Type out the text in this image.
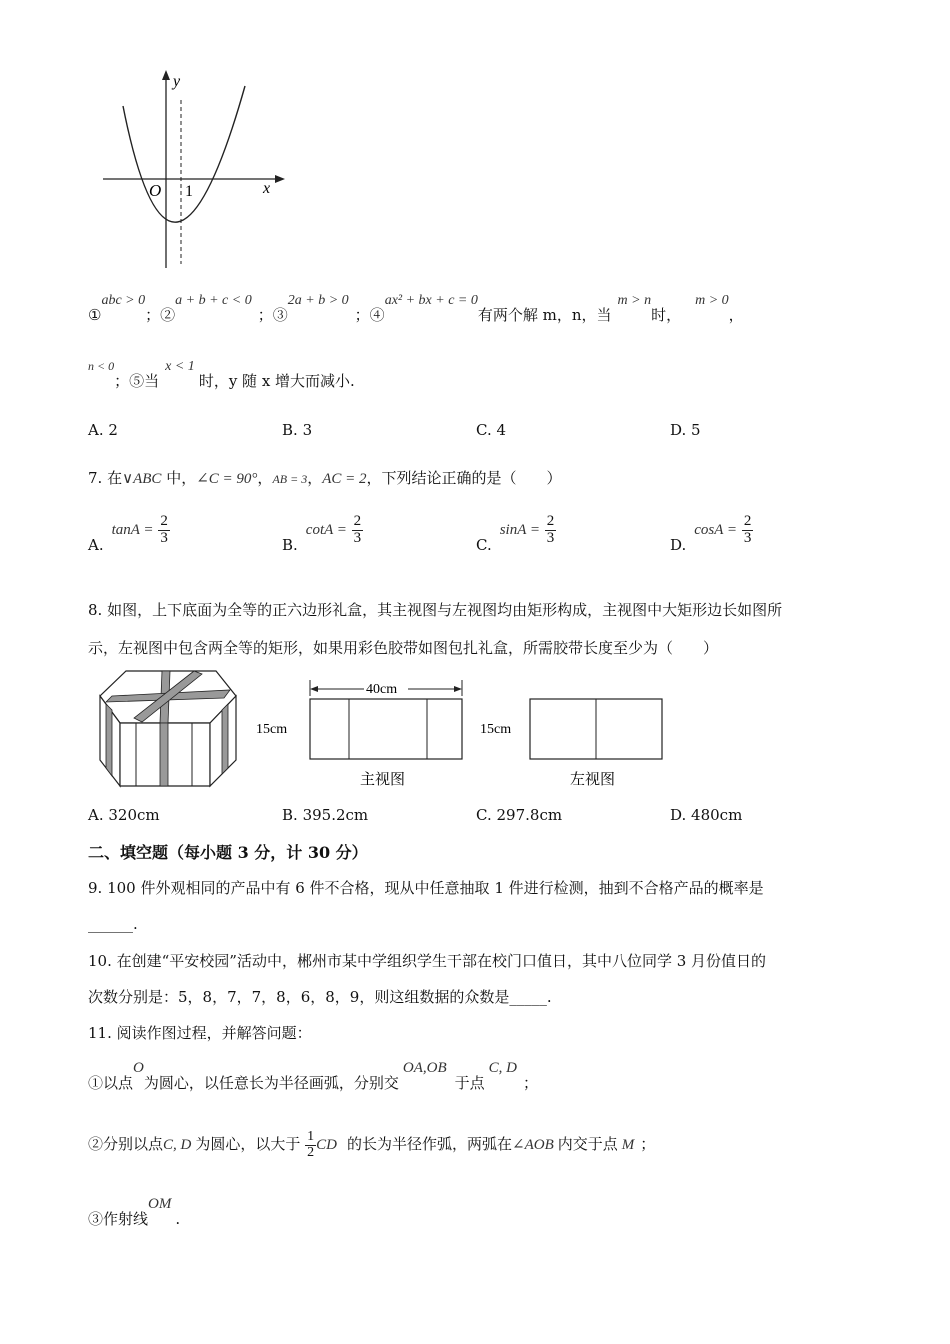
y
x
O 1
①abc > 0；②a + b + c < 0；③2a + b > 0；④ax² + bx + c = 0有两个解 m，n，当m > n时，m > 0，
$^{n < 0}$；⑤当x < 1时，y 随 x 增大而减小.
A. 2	B. 3	C. 4	D. 5
7. 在∨ABC 中，∠C = 90°，AB = 3，AC = 2，下列结论正确的是（　　）
$A.\tan A = \frac{2}{3}$	$B.\cot A = \frac{2}{3}$	$C.\sin A = \frac{2}{3}$	$D.\cos A = \frac{2}{3}$
8. 如图，上下底面为全等的正六边形礼盒，其主视图与左视图均由矩形构成，主视图中大矩形边长如图所
示，左视图中包含两全等的矩形，如果用彩色胶带如图包扎礼盒，所需胶带长度至少为（　　）
40cm
15cm
主视图
15cm
左视图
A. 320cm	B. 395.2cm	C. 297.8cm	D. 480cm
二、填空题（每小题 3 分，计 30 分）
9. 100 件外观相同的产品中有 6 件不合格，现从中任意抽取 1 件进行检测，抽到不合格产品的概率是
______.
10. 在创建“平安校园”活动中，郴州市某中学组织学生干部在校门口值日，其中八位同学 3 月份值日的
次数分别是：5，8，7，7，8，6，8，9，则这组数据的众数是_____.
11. 阅读作图过程，并解答问题：
①以点O为圆心，以任意长为半径画弧，分别交OA,OB于点C, D；
②分别以点C, D 为圆心，以大于 $\frac{1}{2}$ CD 的长为半径作弧，两弧在∠AOB 内交于点 M ；
③作射线OM.
